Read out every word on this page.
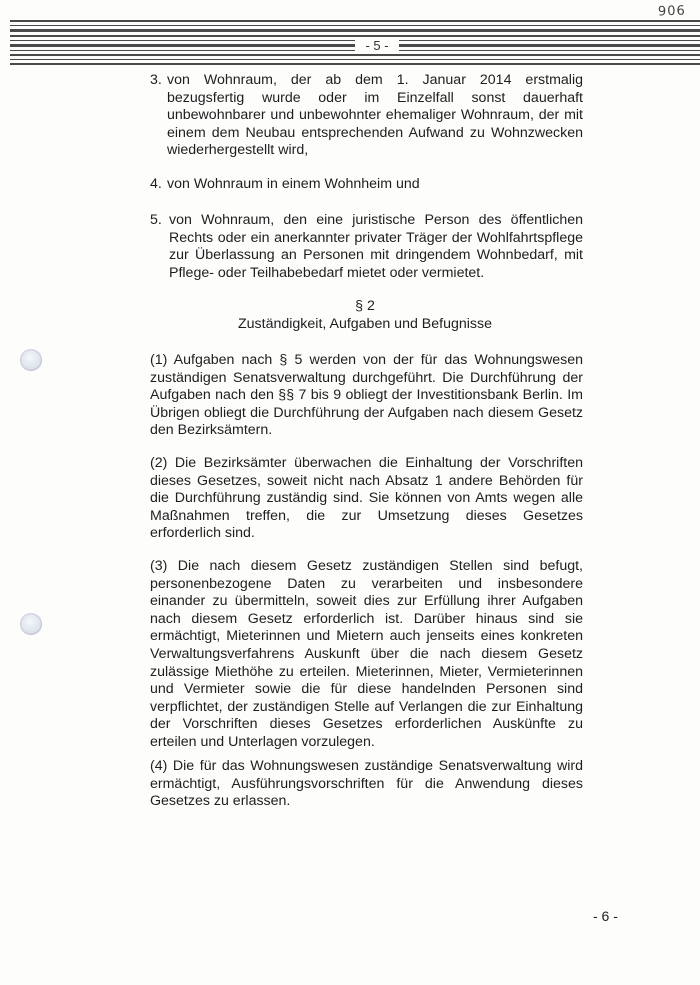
- 5 -
906
3. von Wohnraum, der ab dem 1. Januar 2014 erstmalig bezugsfertig wurde oder im Einzelfall sonst dauerhaft unbewohnbarer und unbewohnter ehemaliger Wohnraum, der mit einem dem Neubau entsprechenden Aufwand zu Wohnzwecken wiederhergestellt wird,
4. von Wohnraum in einem Wohnheim und
5. von Wohnraum, den eine juristische Person des öffentlichen Rechts oder ein anerkannter privater Träger der Wohlfahrtspflege zur Überlassung an Personen mit dringendem Wohnbedarf, mit Pflege- oder Teilhabebedarf mietet oder vermietet.
§ 2
Zuständigkeit, Aufgaben und Befugnisse
(1) Aufgaben nach § 5 werden von der für das Wohnungswesen zuständigen Senatsverwaltung durchgeführt. Die Durchführung der Aufgaben nach den §§ 7 bis 9 obliegt der Investitionsbank Berlin. Im Übrigen obliegt die Durchführung der Aufgaben nach diesem Gesetz den Bezirksämtern.
(2) Die Bezirksämter überwachen die Einhaltung der Vorschriften dieses Gesetzes, soweit nicht nach Absatz 1 andere Behörden für die Durchführung zuständig sind. Sie können von Amts wegen alle Maßnahmen treffen, die zur Umsetzung dieses Gesetzes erforderlich sind.
(3) Die nach diesem Gesetz zuständigen Stellen sind befugt, personenbezogene Daten zu verarbeiten und insbesondere einander zu übermitteln, soweit dies zur Erfüllung ihrer Aufgaben nach diesem Gesetz erforderlich ist. Darüber hinaus sind sie ermächtigt, Mieterinnen und Mietern auch jenseits eines konkreten Verwaltungsverfahrens Auskunft über die nach diesem Gesetz zulässige Miethöhe zu erteilen. Mieterinnen, Mieter, Vermieterinnen und Vermieter sowie die für diese handelnden Personen sind verpflichtet, der zuständigen Stelle auf Verlangen die zur Einhaltung der Vorschriften dieses Gesetzes erforderlichen Auskünfte zu erteilen und Unterlagen vorzulegen.
(4) Die für das Wohnungswesen zuständige Senatsverwaltung wird ermächtigt, Ausführungsvorschriften für die Anwendung dieses Gesetzes zu erlassen.
- 6 -
